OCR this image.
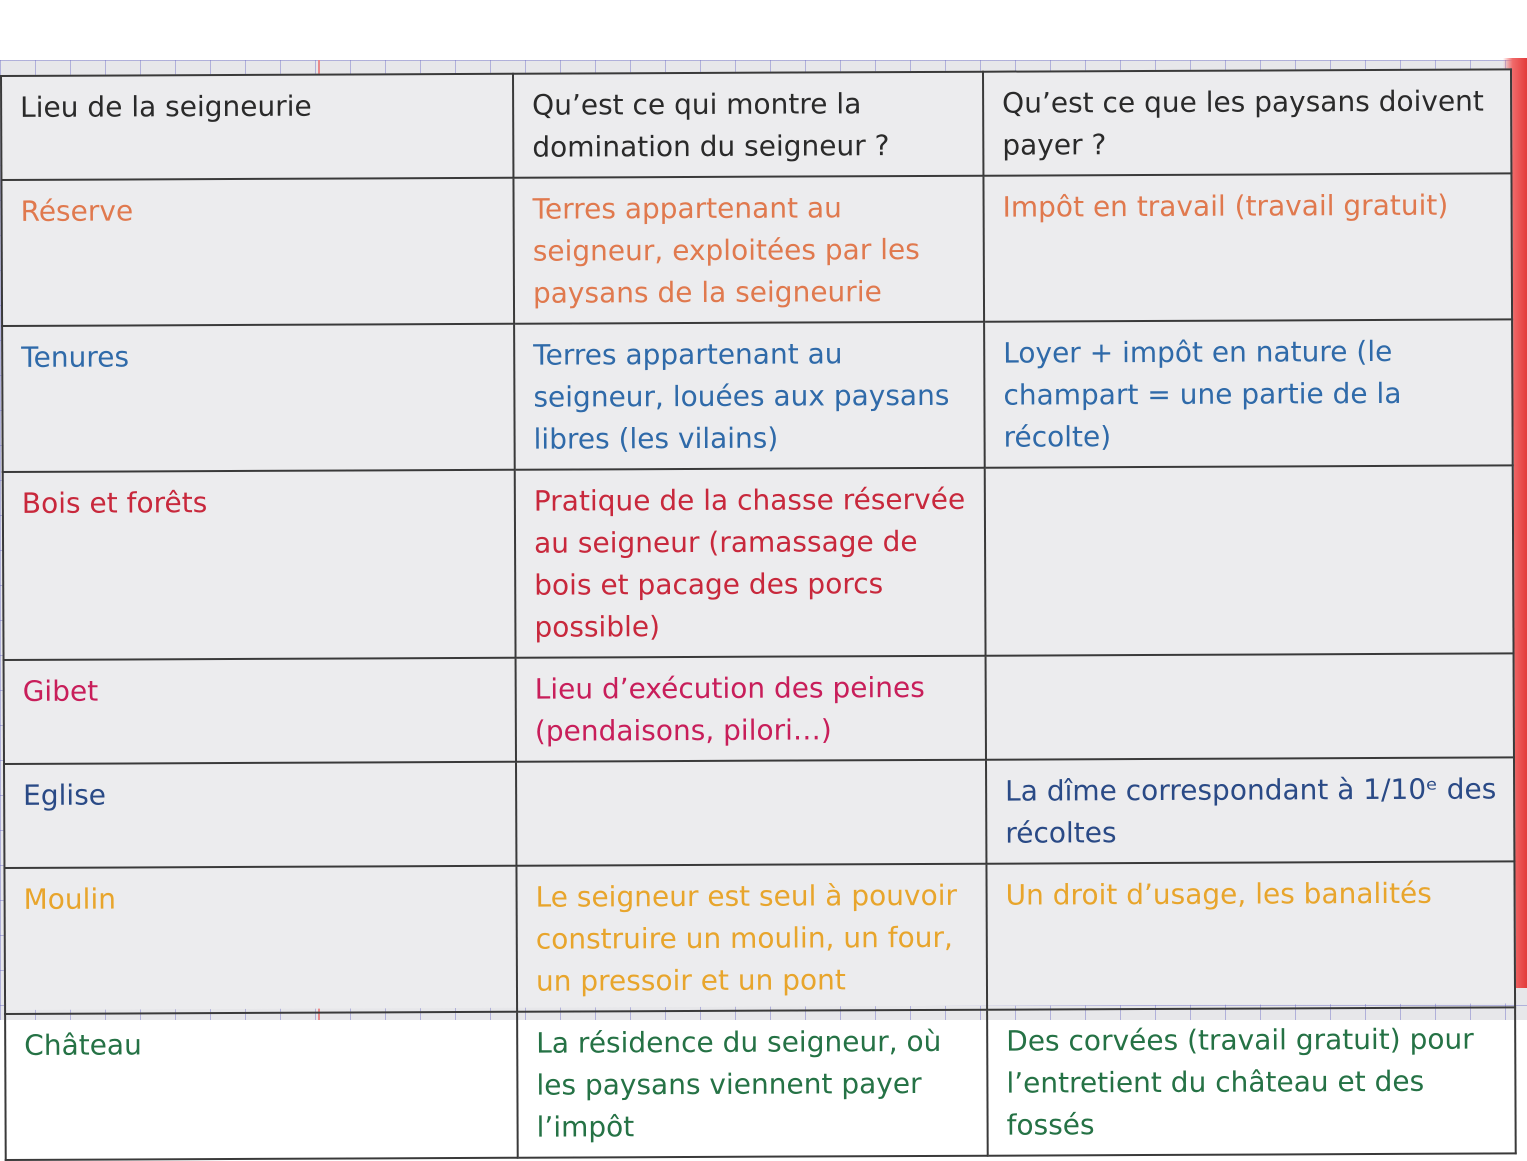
Lieu de la seigneurie	Qu’est ce qui montre la domination du seigneur ?	Qu’est ce que les paysans doivent payer ?
Réserve	Terres appartenant au seigneur, exploitées par les paysans de la seigneurie	Impôt en travail (travail gratuit)
Tenures	Terres appartenant au seigneur, louées aux paysans libres (les vilains)	Loyer + impôt en nature (le champart = une partie de la récolte)
Bois et forêts	Pratique de la chasse réservée au seigneur (ramassage de bois et pacage des porcs possible)	
Gibet	Lieu d’exécution des peines (pendaisons, pilori…)	
Eglise		La dîme correspondant à 1/10ᵉ des récoltes
Moulin	Le seigneur est seul à pouvoir construire un moulin, un four, un pressoir et un pont	Un droit d’usage, les banalités
Château	La résidence du seigneur, où les paysans viennent payer l’impôt	Des corvées (travail gratuit) pour l’entretient du château et des fossés
